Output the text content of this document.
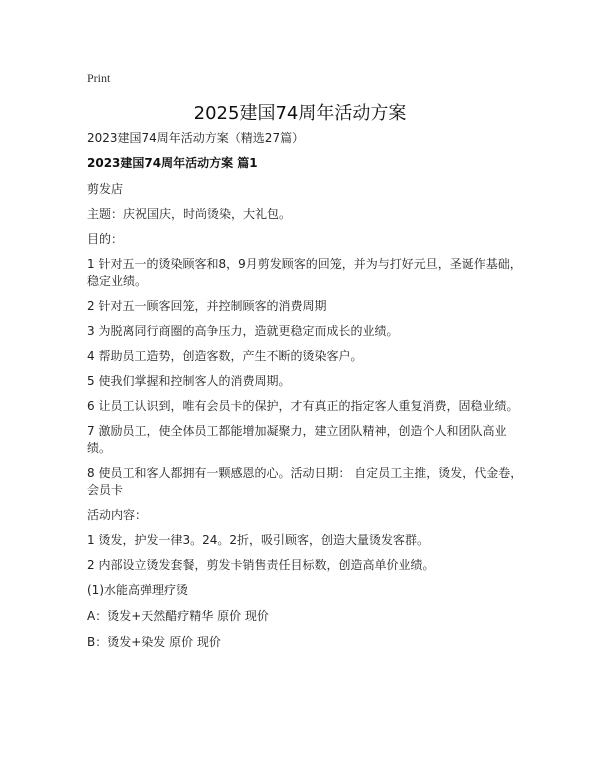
Print
2025建国74周年活动方案

2023建国74周年活动方案（精选27篇）

2023建国74周年活动方案 篇1

剪发店

主题：庆祝国庆，时尚烫染，大礼包。

目的：

1 针对五一的烫染顾客和8，9月剪发顾客的回笼，并为与打好元旦，圣诞作基础，稳定业绩。

2 针对五一顾客回笼，并控制顾客的消费周期

3 为脱离同行商圈的高争压力，造就更稳定而成长的业绩。

4 帮助员工造势，创造客数，产生不断的烫染客户。

5 使我们掌握和控制客人的消费周期。

6 让员工认识到，唯有会员卡的保护，才有真正的指定客人重复消费，固稳业绩。

7 激励员工，使全体员工都能增加凝聚力，建立团队精神，创造个人和团队高业绩。

8 使员工和客人都拥有一颗感恩的心。活动日期： 自定员工主推，烫发，代金卷，会员卡

活动内容：

1 烫发，护发一律3。24。2折，吸引顾客，创造大量烫发客群。

2 内部设立烫发套餐，剪发卡销售责任目标数，创造高单价业绩。

(1)水能高弹理疗烫

A：烫发+天然醋疗精华 原价 现价

B：烫发+染发 原价 现价
